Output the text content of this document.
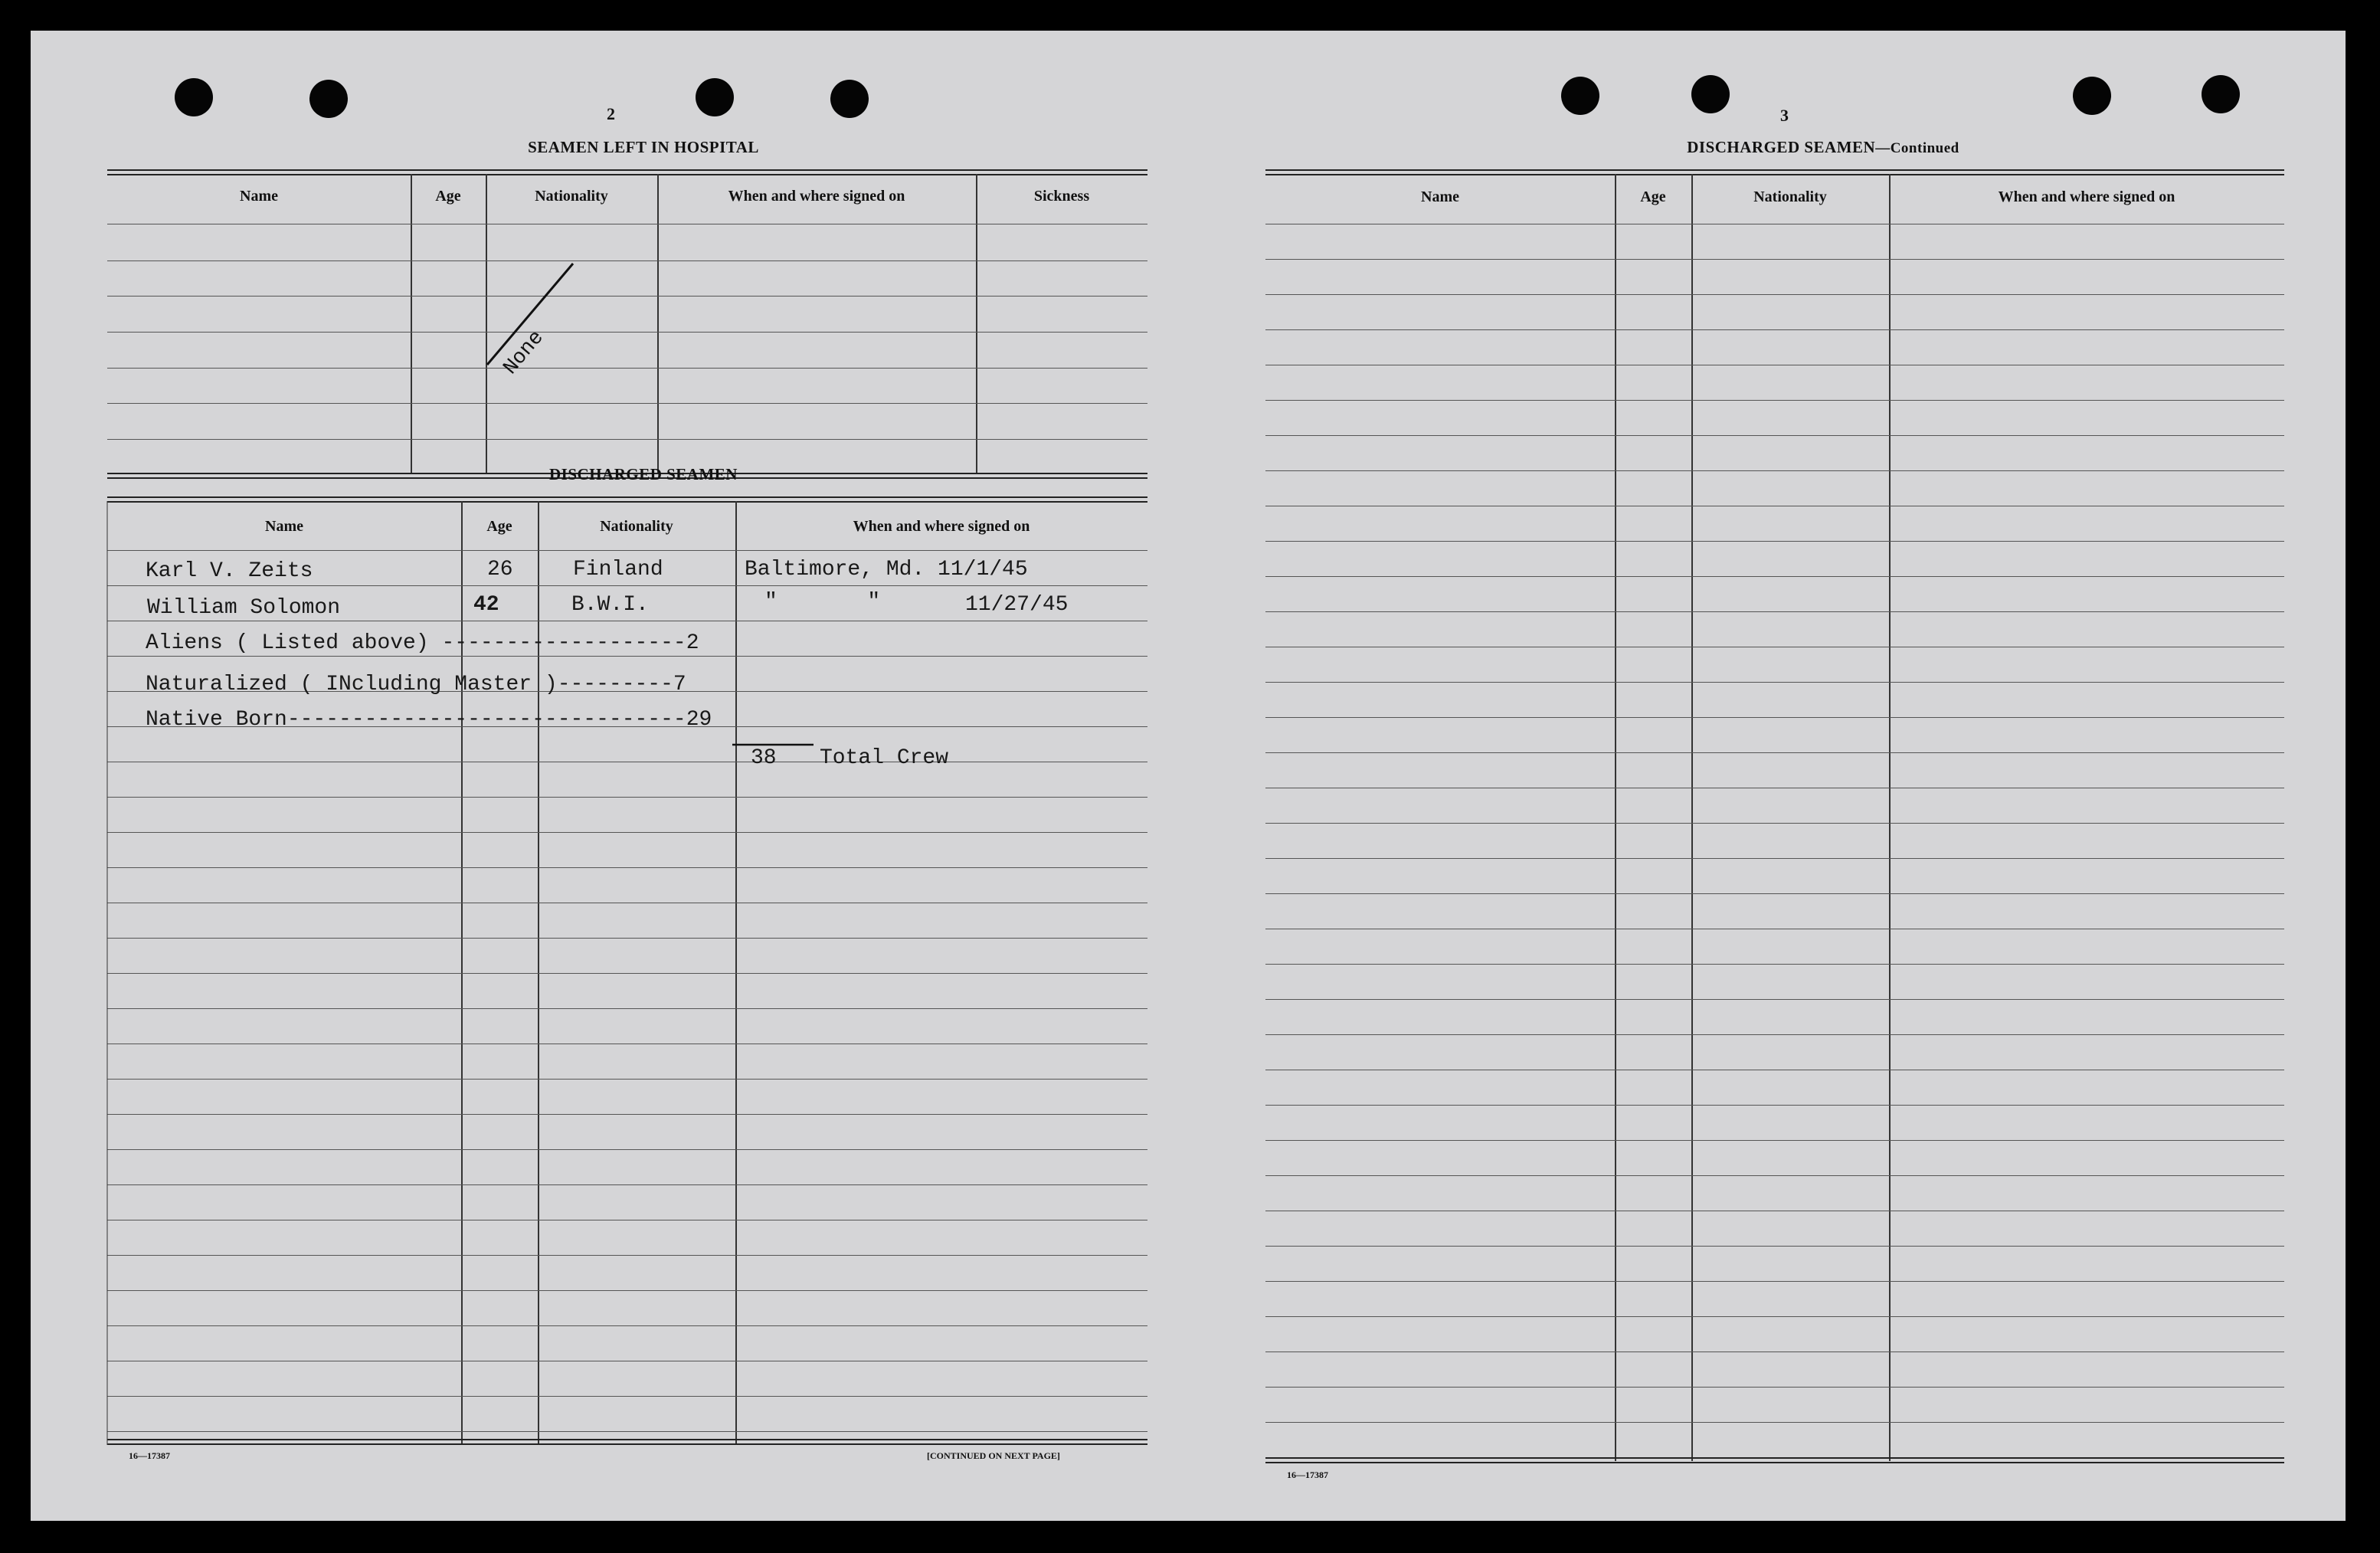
2
SEAMEN LEFT IN HOSPITAL
Name	Age	Nationality	When and where signed on	Sickness
None
DISCHARGED SEAMEN
Name	Age	Nationality	When and where signed on
Karl V. Zeits	26	Finland	Baltimore, Md. 11/1/45
William Solomon	42	B.W.I.	"       "	11/27/45
Aliens ( Listed above) -------------------2
Naturalized ( INcluding Master )---------7
Native Born-------------------------------29
38 Total Crew
16—17387	[CONTINUED ON NEXT PAGE]
3
DISCHARGED SEAMEN—Continued
Name	Age	Nationality	When and where signed on
16—17387
